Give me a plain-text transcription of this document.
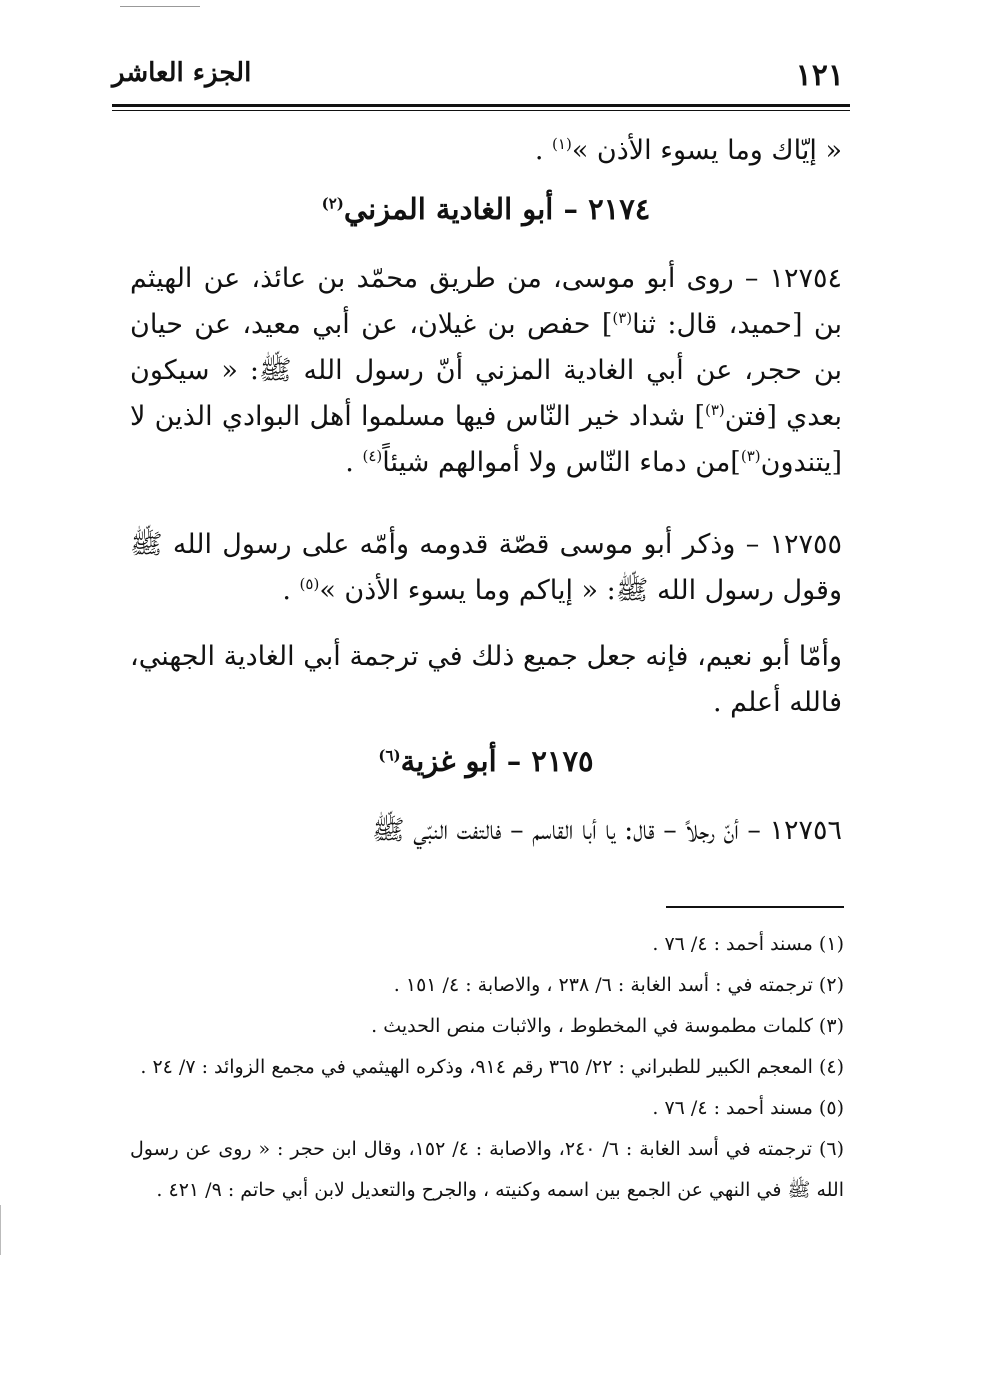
الجزء العاشر	١٢١
« إيّاك وما يسوء الأذن »$^{(١)}$ .
٢١٧٤ – أبو الغادية المزني$^{(٢)}$
١٢٧٥٤ – روى أبو موسى، من طريق محمّد بن عائذ، عن الهيثم بن [حميد، قال: ثنا$^{(٣)}$] حفص بن غيلان، عن أبي معيد، عن حيان بن حجر، عن أبي الغادية المزني أنّ رسول الله ﷺ: « سيكون بعدي [فتن$^{(٣)}$] شداد خير النّاس فيها مسلموا أهل البوادي الذين لا [يتندون$^{(٣)}$]من دماء النّاس ولا أموالهم شيئاً$^{(٤)}$ .
١٢٧٥٥ – وذكر أبو موسى قصّة قدومه وأمّه على رسول الله ﷺ وقول رسول الله ﷺ: « إياكم وما يسوء الأذن »$^{(٥)}$ .
وأمّا أبو نعيم، فإنه جعل جميع ذلك في ترجمة أبي الغادية الجهني، فالله أعلم .
٢١٧٥ – أبو غزية$^{(٦)}$
١٢٧٥٦ – أنّ رجلاً – قال: يا أبا القاسم – فالتفت النبّي ﷺ

(١) مسند أحمد : ٤/ ٧٦ .

(٢) ترجمته في : أسد الغابة : ٦/ ٢٣٨ ، والاصابة : ٤/ ١٥١ .

(٣) كلمات مطموسة في المخطوط ، والاثبات منص الحديث .

(٤) المعجم الكبير للطبراني : ٢٢/ ٣٦٥ رقم ٩١٤، وذكره الهيثمي في مجمع الزوائد : ٧/ ٢٤ .

(٥) مسند أحمد : ٤/ ٧٦ .

(٦) ترجمته في أسد الغابة : ٦/ ٢٤٠، والاصابة : ٤/ ١٥٢، وقال ابن حجر : « روى عن رسول الله ﷺ في النهي عن الجمع بين اسمه وكنيته ، والجرح والتعديل لابن أبي حاتم : ٩/ ٤٢١ .
